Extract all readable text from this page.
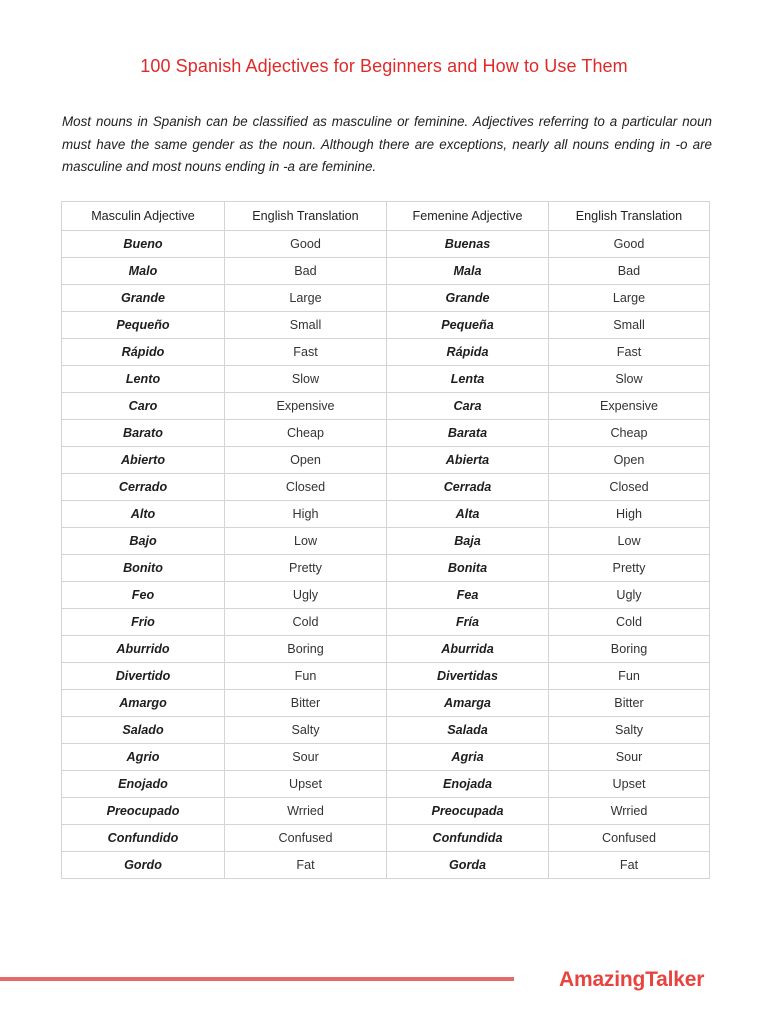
100 Spanish Adjectives for Beginners and How to Use Them
Most nouns in Spanish can be classified as masculine or feminine. Adjectives referring to a particular noun must have the same gender as the noun. Although there are exceptions, nearly all nouns ending in -o are masculine and most nouns ending in -a are feminine.
Masculin Adjective	English Translation	Femenine Adjective	English Translation
Bueno	Good	Buenas	Good
Malo	Bad	Mala	Bad
Grande	Large	Grande	Large
Pequeño	Small	Pequeña	Small
Rápido	Fast	Rápida	Fast
Lento	Slow	Lenta	Slow
Caro	Expensive	Cara	Expensive
Barato	Cheap	Barata	Cheap
Abierto	Open	Abierta	Open
Cerrado	Closed	Cerrada	Closed
Alto	High	Alta	High
Bajo	Low	Baja	Low
Bonito	Pretty	Bonita	Pretty
Feo	Ugly	Fea	Ugly
Frio	Cold	Fría	Cold
Aburrido	Boring	Aburrida	Boring
Divertido	Fun	Divertidas	Fun
Amargo	Bitter	Amarga	Bitter
Salado	Salty	Salada	Salty
Agrio	Sour	Agria	Sour
Enojado	Upset	Enojada	Upset
Preocupado	Wrried	Preocupada	Wrried
Confundido	Confused	Confundida	Confused
Gordo	Fat	Gorda	Fat
AmazingTalker
